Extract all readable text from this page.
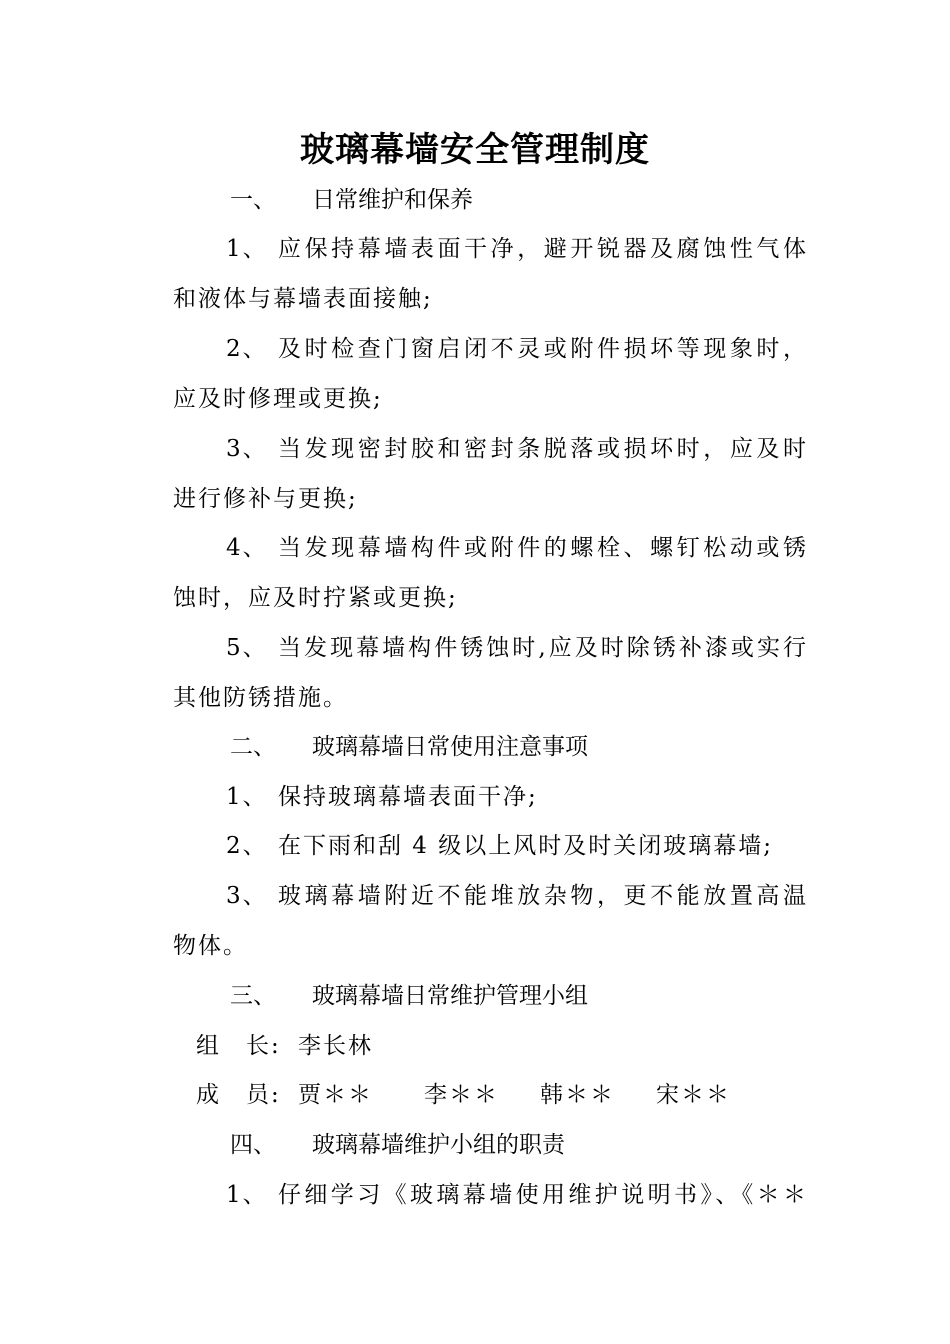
玻璃幕墙安全管理制度
一、 日常维护和保养
1、 应保持幕墙表面干净，避开锐器及腐蚀性气体
和液体与幕墙表面接触;
2、 及时检查门窗启闭不灵或附件损坏等现象时，
应及时修理或更换;
3、 当发现密封胶和密封条脱落或损坏时，应及时
进行修补与更换;
4、 当发现幕墙构件或附件的螺栓、螺钉松动或锈
蚀时，应及时拧紧或更换;
5、 当发现幕墙构件锈蚀时,应及时除锈补漆或实行
其他防锈措施。
二、 玻璃幕墙日常使用注意事项
1、 保持玻璃幕墙表面干净;
2、 在下雨和刮 4 级以上风时及时关闭玻璃幕墙;
3、 玻璃幕墙附近不能堆放杂物，更不能放置高温
物体。
三、 玻璃幕墙日常维护管理小组
组　长: 李长林
成　员: 贾＊＊ 李＊＊ 韩＊＊ 宋＊＊
四、 玻璃幕墙维护小组的职责
1、 仔细学习《玻璃幕墙使用维护说明书》、《＊＊
